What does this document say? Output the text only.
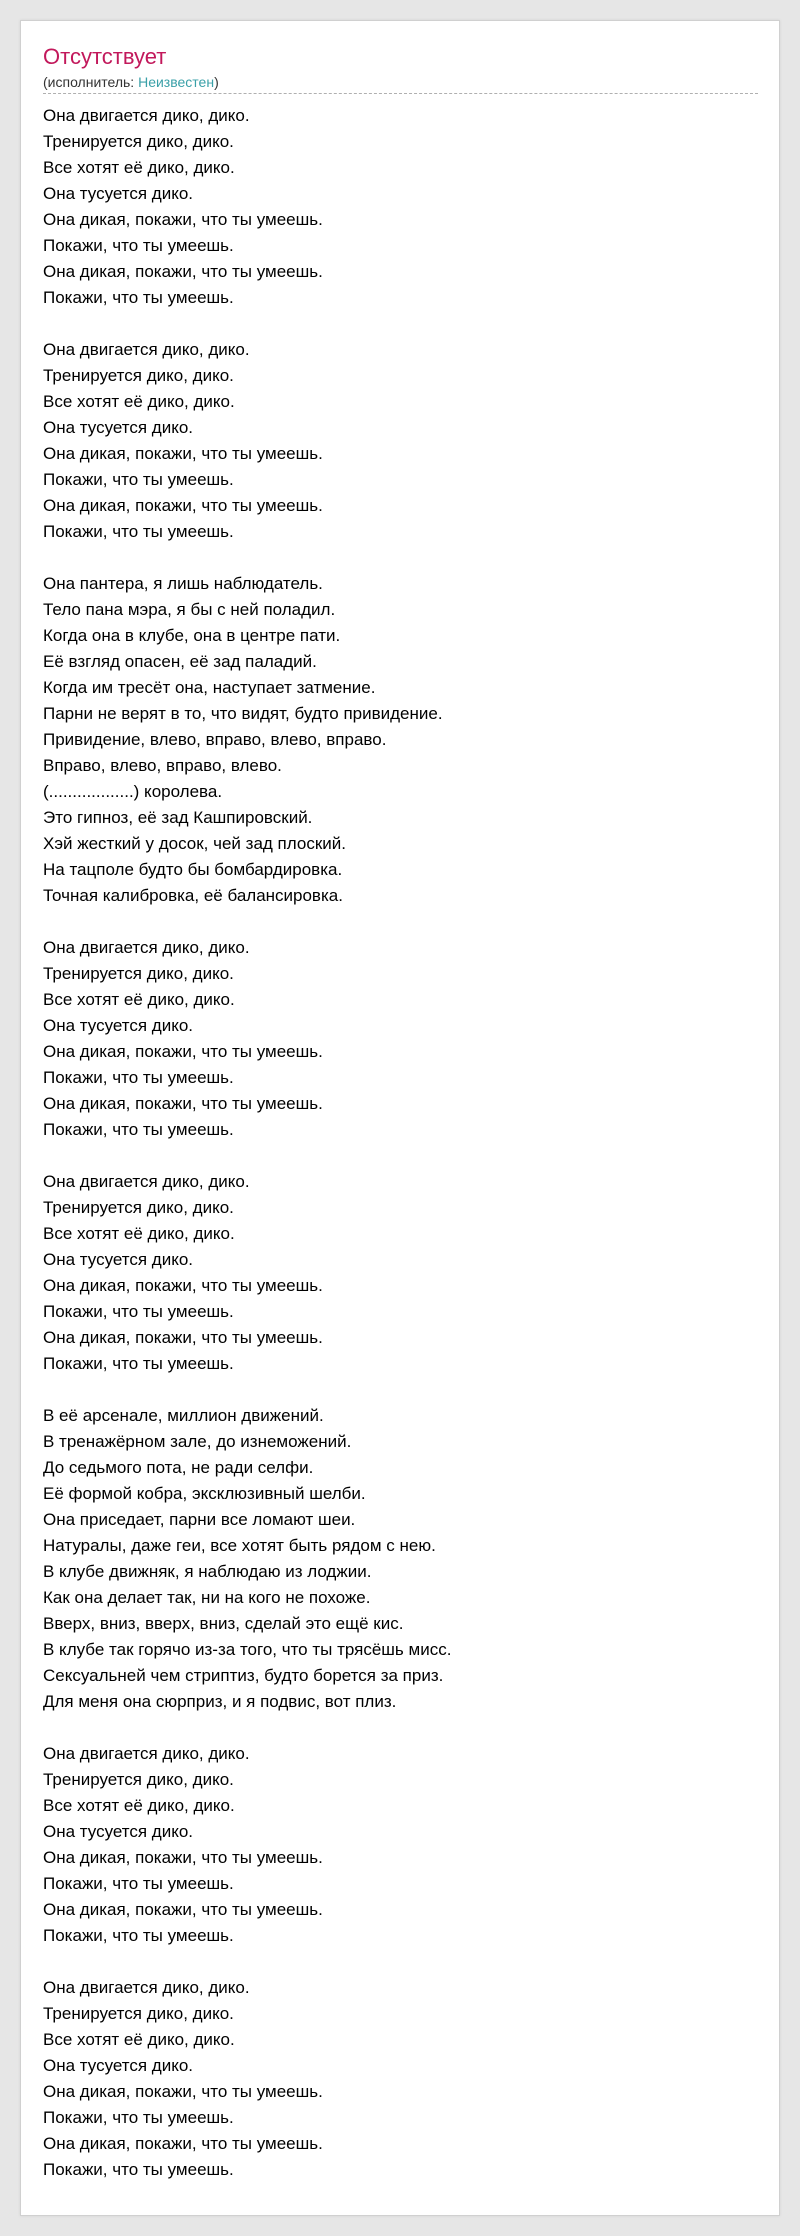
Отсутствует
(исполнитель: Неизвестен)
Она двигается дико, дико.
Тренируется дико, дико.
Все хотят её дико, дико.
Она тусуется дико.
Она дикая, покажи, что ты умеешь.
Покажи, что ты умеешь.
Она дикая, покажи, что ты умеешь.
Покажи, что ты умеешь.
Она двигается дико, дико.
Тренируется дико, дико.
Все хотят её дико, дико.
Она тусуется дико.
Она дикая, покажи, что ты умеешь.
Покажи, что ты умеешь.
Она дикая, покажи, что ты умеешь.
Покажи, что ты умеешь.
Она пантера, я лишь наблюдатель.
Тело пана мэра, я бы с ней поладил.
Когда она в клубе, она в центре пати.
Её взгляд опасен, её зад паладий.
Когда им тресёт она, наступает затмение.
Парни не верят в то, что видят, будто привидение.
Привидение, влево, вправо, влево, вправо.
Вправо, влево, вправо, влево.
(..................) королева.
Это гипноз, её зад Кашпировский.
Хэй жесткий у досок, чей зад плоский.
На тацполе будто бы бомбардировка.
Точная калибровка, её балансировка.
Она двигается дико, дико.
Тренируется дико, дико.
Все хотят её дико, дико.
Она тусуется дико.
Она дикая, покажи, что ты умеешь.
Покажи, что ты умеешь.
Она дикая, покажи, что ты умеешь.
Покажи, что ты умеешь.
Она двигается дико, дико.
Тренируется дико, дико.
Все хотят её дико, дико.
Она тусуется дико.
Она дикая, покажи, что ты умеешь.
Покажи, что ты умеешь.
Она дикая, покажи, что ты умеешь.
Покажи, что ты умеешь.
В её арсенале, миллион движений.
В тренажёрном зале, до изнеможений.
До седьмого пота, не ради селфи.
Её формой кобра, эксклюзивный шелби.
Она приседает, парни все ломают шеи.
Натуралы, даже геи, все хотят быть рядом с нею.
В клубе движняк, я наблюдаю из лоджии.
Как она делает так, ни на кого не похоже.
Вверх, вниз, вверх, вниз, сделай это ещё кис.
В клубе так горячо из-за того, что ты трясёшь мисс.
Сексуальней чем стриптиз, будто борется за приз.
Для меня она сюрприз, и я подвис, вот плиз.
Она двигается дико, дико.
Тренируется дико, дико.
Все хотят её дико, дико.
Она тусуется дико.
Она дикая, покажи, что ты умеешь.
Покажи, что ты умеешь.
Она дикая, покажи, что ты умеешь.
Покажи, что ты умеешь.
Она двигается дико, дико.
Тренируется дико, дико.
Все хотят её дико, дико.
Она тусуется дико.
Она дикая, покажи, что ты умеешь.
Покажи, что ты умеешь.
Она дикая, покажи, что ты умеешь.
Покажи, что ты умеешь.
